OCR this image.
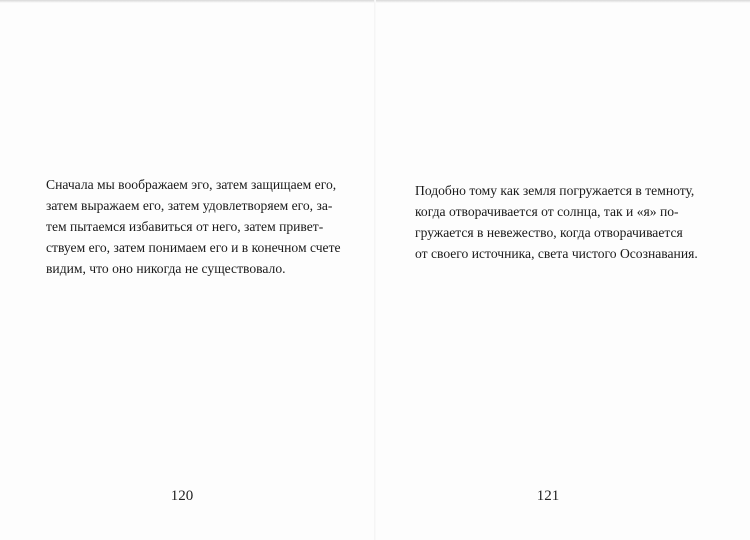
Сначала мы воображаем эго, затем защищаем его,
затем выражаем его, затем удовлетворяем его, за-
тем пытаемся избавиться от него, затем привет-
ствуем его, затем понимаем его и в конечном счете
видим, что оно никогда не существовало.

120

Подобно тому как земля погружается в темноту,
когда отворачивается от солнца, так и «я» по-
гружается в невежество, когда отворачивается
от своего источника, света чистого Осознавания.

121
